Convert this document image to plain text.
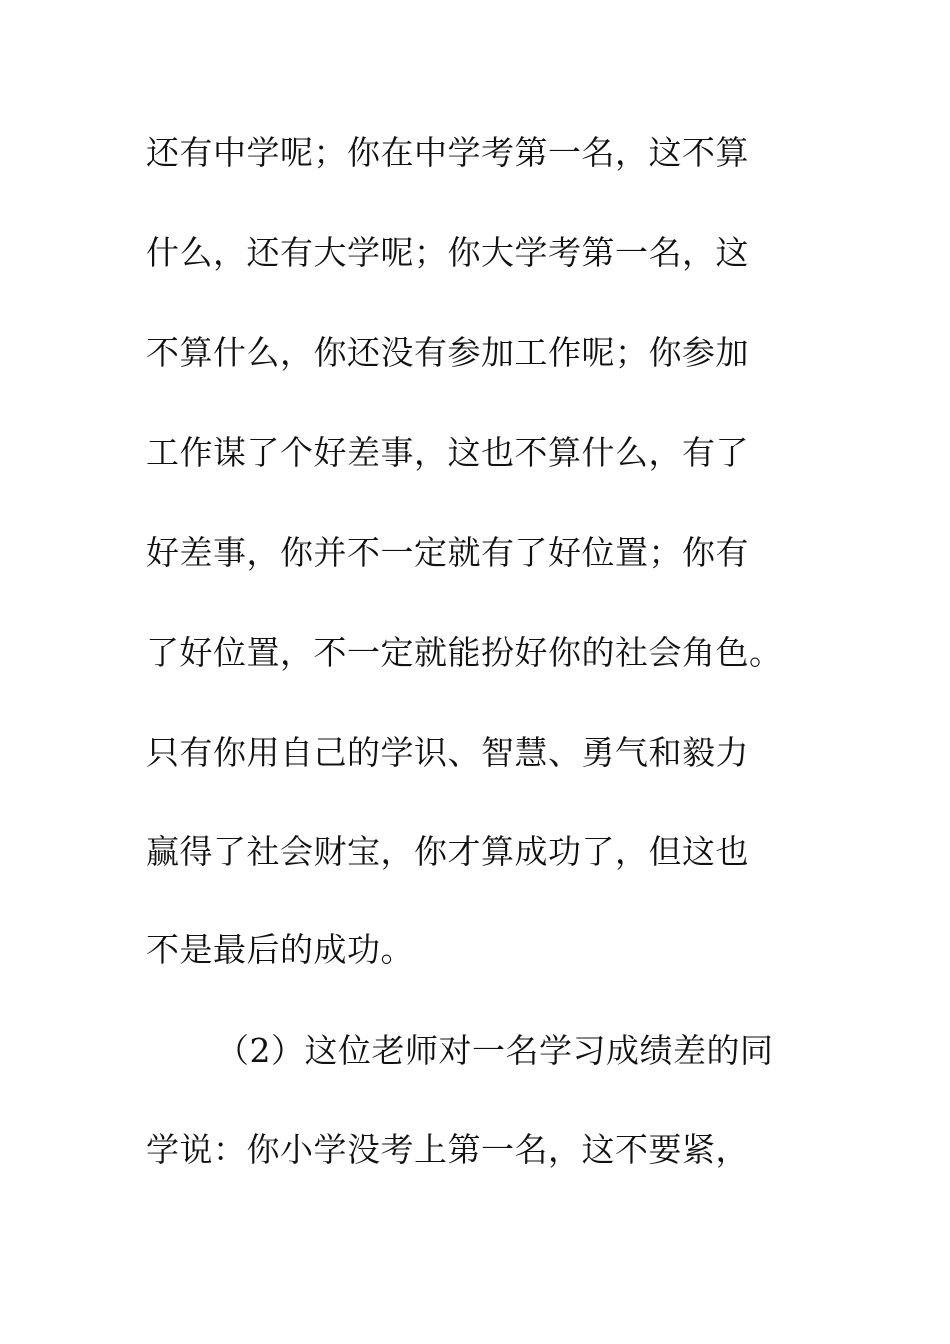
还有中学呢；你在中学考第一名，这不算
什么，还有大学呢；你大学考第一名，这
不算什么，你还没有参加工作呢；你参加
工作谋了个好差事，这也不算什么，有了
好差事，你并不一定就有了好位置；你有
了好位置，不一定就能扮好你的社会角色。
只有你用自己的学识、智慧、勇气和毅力
赢得了社会财宝，你才算成功了，但这也
不是最后的成功。
（2）这位老师对一名学习成绩差的同
学说：你小学没考上第一名，这不要紧，
